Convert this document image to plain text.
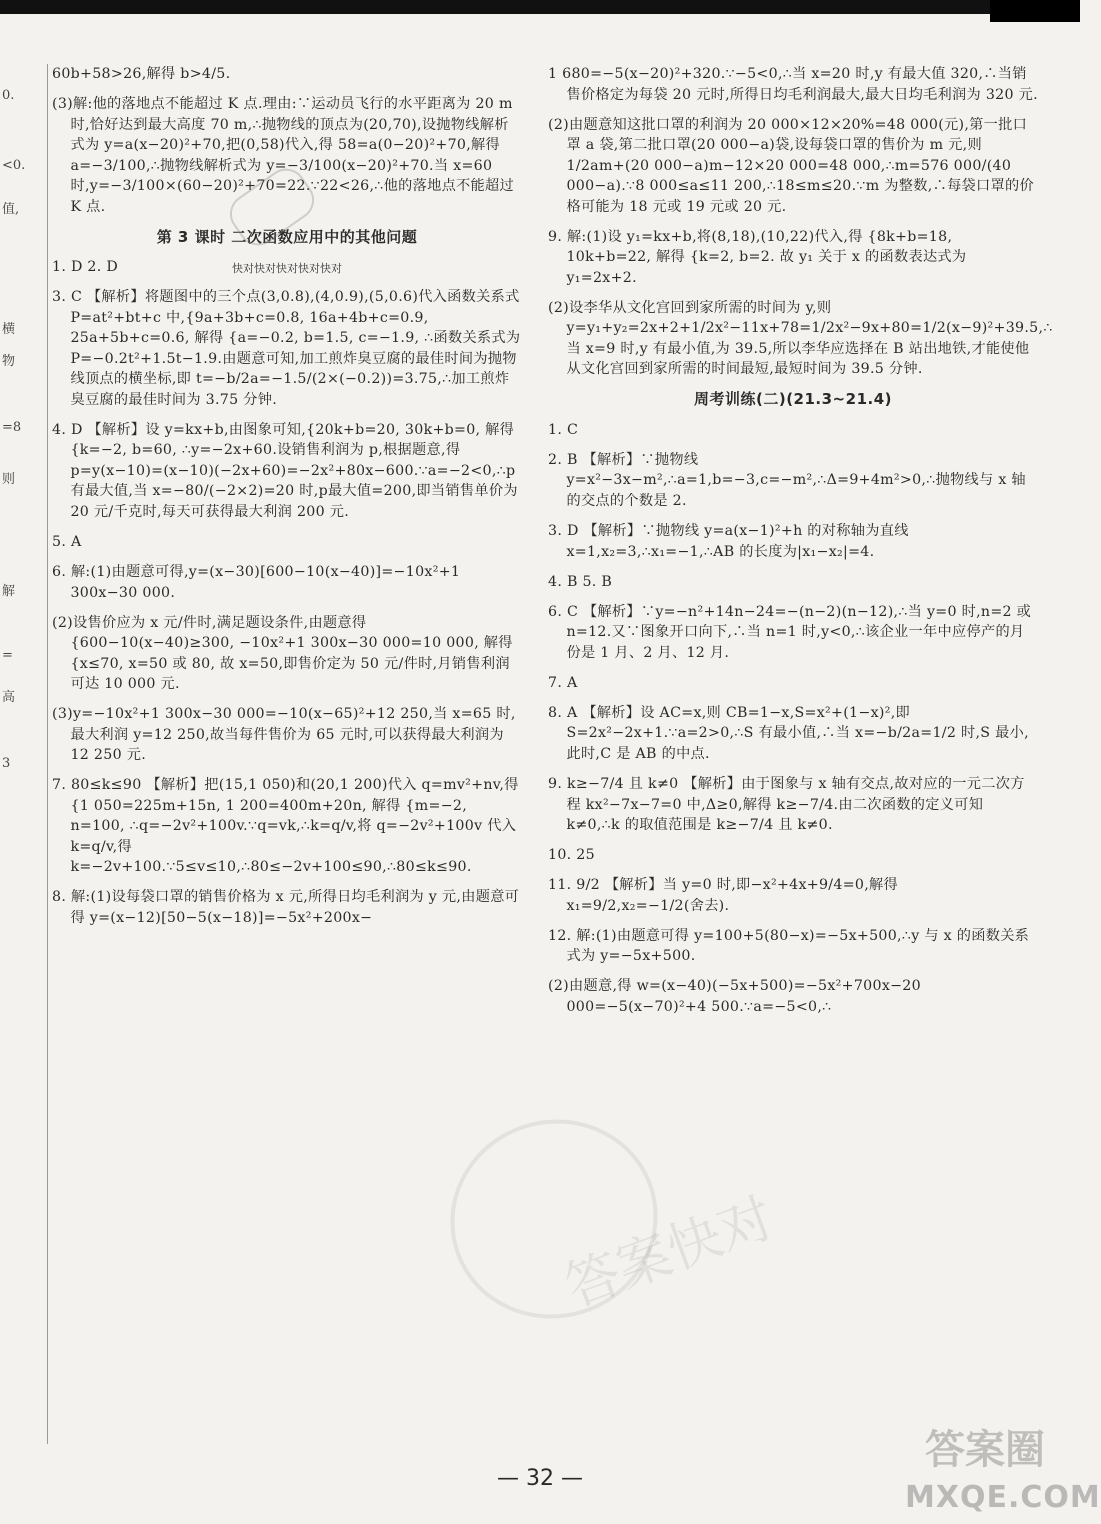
0.
<0.
值,
横
物
=8
则
解
=
高
3

60b+58>26,解得 b>4/5.

(3)解:他的落地点不能超过 K 点.理由:∵运动员飞行的水平距离为 20 m 时,恰好达到最大高度 70 m,∴抛物线的顶点为(20,70),设抛物线解析式为 y=a(x−20)²+70,把(0,58)代入,得 58=a(0−20)²+70,解得 a=−3/100,∴抛物线解析式为 y=−3/100(x−20)²+70.当 x=60 时,y=−3/100×(60−20)²+70=22.∵22<26,∴他的落地点不能超过 K 点.

第 3 课时 二次函数应用中的其他问题

1. D 2. D

3. C 【解析】将题图中的三个点(3,0.8),(4,0.9),(5,0.6)代入函数关系式 P=at²+bt+c 中,{9a+3b+c=0.8, 16a+4b+c=0.9, 25a+5b+c=0.6, 解得 {a=−0.2, b=1.5, c=−1.9, ∴函数关系式为 P=−0.2t²+1.5t−1.9.由题意可知,加工煎炸臭豆腐的最佳时间为抛物线顶点的横坐标,即 t=−b/2a=−1.5/(2×(−0.2))=3.75,∴加工煎炸臭豆腐的最佳时间为 3.75 分钟.

4. D 【解析】设 y=kx+b,由图象可知,{20k+b=20, 30k+b=0, 解得 {k=−2, b=60, ∴y=−2x+60.设销售利润为 p,根据题意,得 p=y(x−10)=(x−10)(−2x+60)=−2x²+80x−600.∵a=−2<0,∴p 有最大值,当 x=−80/(−2×2)=20 时,p最大值=200,即当销售单价为 20 元/千克时,每天可获得最大利润 200 元.

5. A

6. 解:(1)由题意可得,y=(x−30)[600−10(x−40)]=−10x²+1 300x−30 000.

(2)设售价应为 x 元/件时,满足题设条件,由题意得 {600−10(x−40)≥300, −10x²+1 300x−30 000=10 000, 解得 {x≤70, x=50 或 80, 故 x=50,即售价定为 50 元/件时,月销售利润可达 10 000 元.

(3)y=−10x²+1 300x−30 000=−10(x−65)²+12 250,当 x=65 时,最大利润 y=12 250,故当每件售价为 65 元时,可以获得最大利润为 12 250 元.

7. 80≤k≤90 【解析】把(15,1 050)和(20,1 200)代入 q=mv²+nv,得 {1 050=225m+15n, 1 200=400m+20n, 解得 {m=−2, n=100, ∴q=−2v²+100v.∵q=vk,∴k=q/v,将 q=−2v²+100v 代入 k=q/v,得 k=−2v+100.∵5≤v≤10,∴80≤−2v+100≤90,∴80≤k≤90.

8. 解:(1)设每袋口罩的销售价格为 x 元,所得日均毛利润为 y 元,由题意可得 y=(x−12)[50−5(x−18)]=−5x²+200x−

1 680=−5(x−20)²+320.∵−5<0,∴当 x=20 时,y 有最大值 320,∴当销售价格定为每袋 20 元时,所得日均毛利润最大,最大日均毛利润为 320 元.

(2)由题意知这批口罩的利润为 20 000×12×20%=48 000(元),第一批口罩 a 袋,第二批口罩(20 000−a)袋,设每袋口罩的售价为 m 元,则 1/2am+(20 000−a)m−12×20 000=48 000,∴m=576 000/(40 000−a).∵8 000≤a≤11 200,∴18≤m≤20.∵m 为整数,∴每袋口罩的价格可能为 18 元或 19 元或 20 元.

9. 解:(1)设 y₁=kx+b,将(8,18),(10,22)代入,得 {8k+b=18, 10k+b=22, 解得 {k=2, b=2. 故 y₁ 关于 x 的函数表达式为 y₁=2x+2.

(2)设李华从文化宫回到家所需的时间为 y,则 y=y₁+y₂=2x+2+1/2x²−11x+78=1/2x²−9x+80=1/2(x−9)²+39.5,∴当 x=9 时,y 有最小值,为 39.5,所以李华应选择在 B 站出地铁,才能使他从文化宫回到家所需的时间最短,最短时间为 39.5 分钟.

周考训练(二)(21.3~21.4)

1. C

2. B 【解析】∵抛物线 y=x²−3x−m²,∴a=1,b=−3,c=−m²,∴Δ=9+4m²>0,∴抛物线与 x 轴的交点的个数是 2.

3. D 【解析】∵抛物线 y=a(x−1)²+h 的对称轴为直线 x=1,x₂=3,∴x₁=−1,∴AB 的长度为|x₁−x₂|=4.

4. B 5. B

6. C 【解析】∵y=−n²+14n−24=−(n−2)(n−12),∴当 y=0 时,n=2 或 n=12.又∵图象开口向下,∴当 n=1 时,y<0,∴该企业一年中应停产的月份是 1 月、2 月、12 月.

7. A

8. A 【解析】设 AC=x,则 CB=1−x,S=x²+(1−x)²,即 S=2x²−2x+1.∵a=2>0,∴S 有最小值,∴当 x=−b/2a=1/2 时,S 最小,此时,C 是 AB 的中点.

9. k≥−7/4 且 k≠0 【解析】由于图象与 x 轴有交点,故对应的一元二次方程 kx²−7x−7=0 中,Δ≥0,解得 k≥−7/4.由二次函数的定义可知 k≠0,∴k 的取值范围是 k≥−7/4 且 k≠0.

10. 25

11. 9/2 【解析】当 y=0 时,即−x²+4x+9/4=0,解得 x₁=9/2,x₂=−1/2(舍去).

12. 解:(1)由题意可得 y=100+5(80−x)=−5x+500,∴y 与 x 的函数关系式为 y=−5x+500.

(2)由题意,得 w=(x−40)(−5x+500)=−5x²+700x−20 000=−5(x−70)²+4 500.∵a=−5<0,∴

— 32 —
快对快对快对快对快对
答案快对
答案圈
MXQE.COM
